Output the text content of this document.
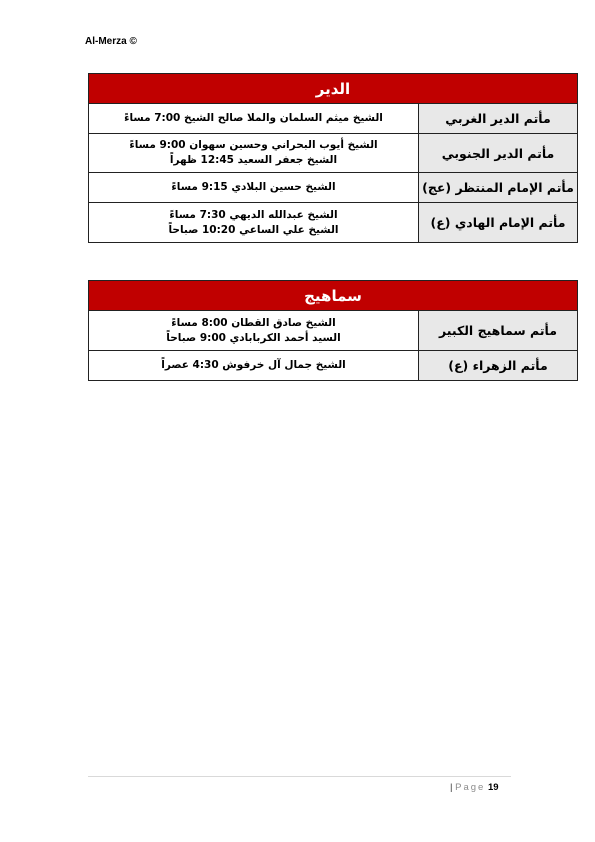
Al-Merza ©
الدير	
مأتم الدير الغربي	الشيخ ميثم السلمان والملا صالح الشيخ 7:00 مساءً

مأتم الدير الجنوبي	الشيخ أيوب البحراني وحسين سهوان 9:00 مساءً
الشيخ جعفر السعيد 12:45 ظهراً

مأتم الإمام المنتظر (عج)	الشيخ حسين البلادي 9:15 مساءً

مأتم الإمام الهادي (ع)	الشيخ عبدالله الديهي 7:30 مساءً
الشيخ علي الساعي 10:20 صباحاً
سماهيج	
مأتم سماهيج الكبير	الشيخ صادق القطان 8:00 مساءً
السيد أحمد الكربابادي 9:00 صباحاً

مأتم الزهراء (ع)	الشيخ جمال آل خرفوش 4:30 عصراً
| Page 19
